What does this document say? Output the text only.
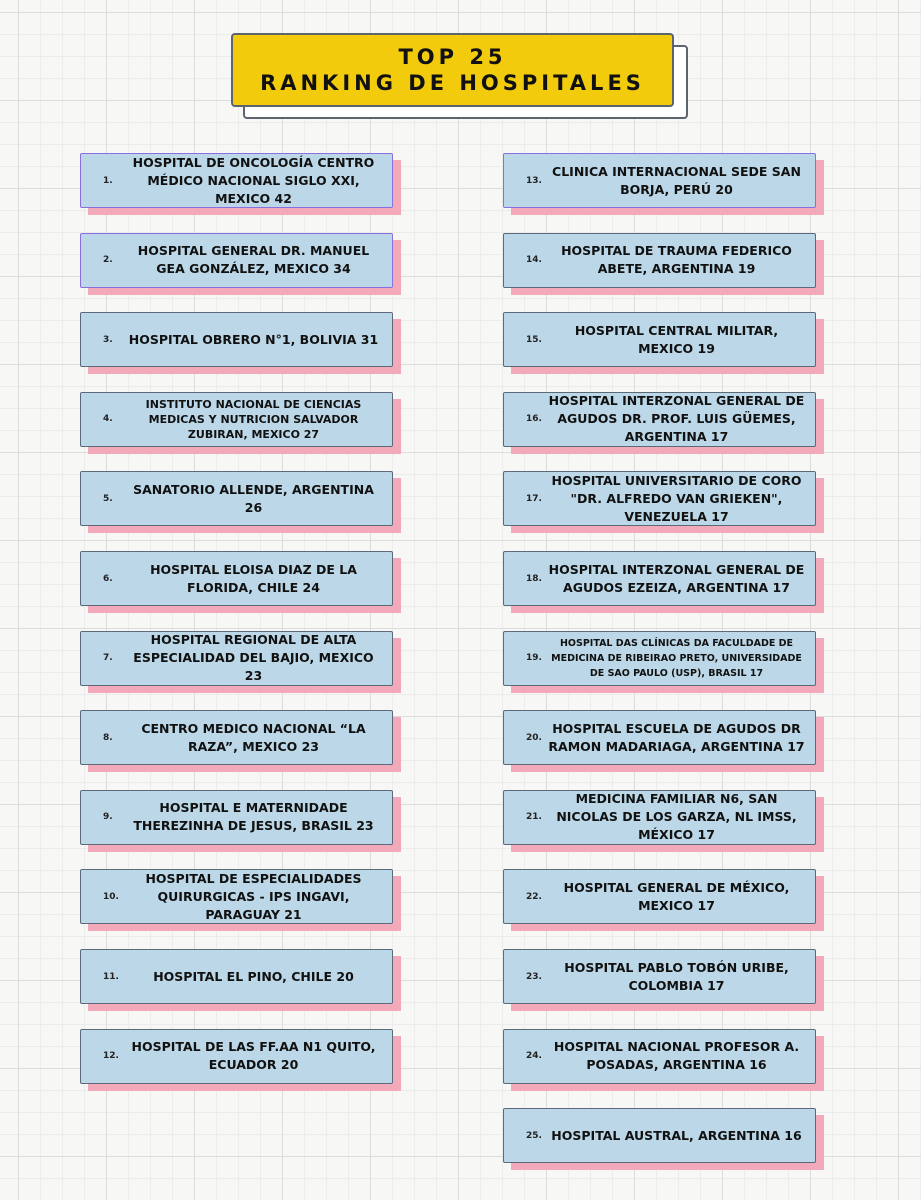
TOP 25
RANKING DE HOSPITALES
1.
HOSPITAL DE ONCOLOGÍA CENTRO MÉDICO NACIONAL SIGLO XXI, MEXICO 42
2.
HOSPITAL GENERAL DR. MANUEL GEA GONZÁLEZ, MEXICO 34
3.	HOSPITAL OBRERO N°1, BOLIVIA 31
4.
INSTITUTO NACIONAL DE CIENCIAS MEDICAS Y NUTRICION SALVADOR ZUBIRAN, MEXICO 27
5.
SANATORIO ALLENDE, ARGENTINA 26
6.
HOSPITAL ELOISA DIAZ DE LA FLORIDA, CHILE 24
7.
HOSPITAL REGIONAL DE ALTA ESPECIALIDAD DEL BAJIO, MEXICO 23
8.
CENTRO MEDICO NACIONAL “LA RAZA”, MEXICO 23
9.
HOSPITAL E MATERNIDADE THEREZINHA DE JESUS, BRASIL 23
10.
HOSPITAL DE ESPECIALIDADES QUIRURGICAS - IPS INGAVI, PARAGUAY 21
11.	HOSPITAL EL PINO, CHILE 20
12.
HOSPITAL DE LAS FF.AA N1 QUITO, ECUADOR 20
13.
CLINICA INTERNACIONAL SEDE SAN BORJA, PERÚ 20
14.
HOSPITAL DE TRAUMA FEDERICO ABETE, ARGENTINA 19
15.
HOSPITAL CENTRAL MILITAR, MEXICO 19
16.
HOSPITAL INTERZONAL GENERAL DE AGUDOS DR. PROF. LUIS GÜEMES, ARGENTINA 17
17.
HOSPITAL UNIVERSITARIO DE CORO "DR. ALFREDO VAN GRIEKEN", VENEZUELA 17
18.
HOSPITAL INTERZONAL GENERAL DE AGUDOS EZEIZA, ARGENTINA 17
19.
HOSPITAL DAS CLÍNICAS DA FACULDADE DE MEDICINA DE RIBEIRAO PRETO, UNIVERSIDADE DE SAO PAULO (USP), BRASIL 17
20.
HOSPITAL ESCUELA DE AGUDOS DR RAMON MADARIAGA, ARGENTINA 17
21.
MEDICINA FAMILIAR N6, SAN NICOLAS DE LOS GARZA, NL IMSS, MÉXICO 17
22.
HOSPITAL GENERAL DE MÉXICO, MEXICO 17
23.
HOSPITAL PABLO TOBÓN URIBE, COLOMBIA 17
24.
HOSPITAL NACIONAL PROFESOR A. POSADAS, ARGENTINA 16
25. HOSPITAL AUSTRAL, ARGENTINA 16
